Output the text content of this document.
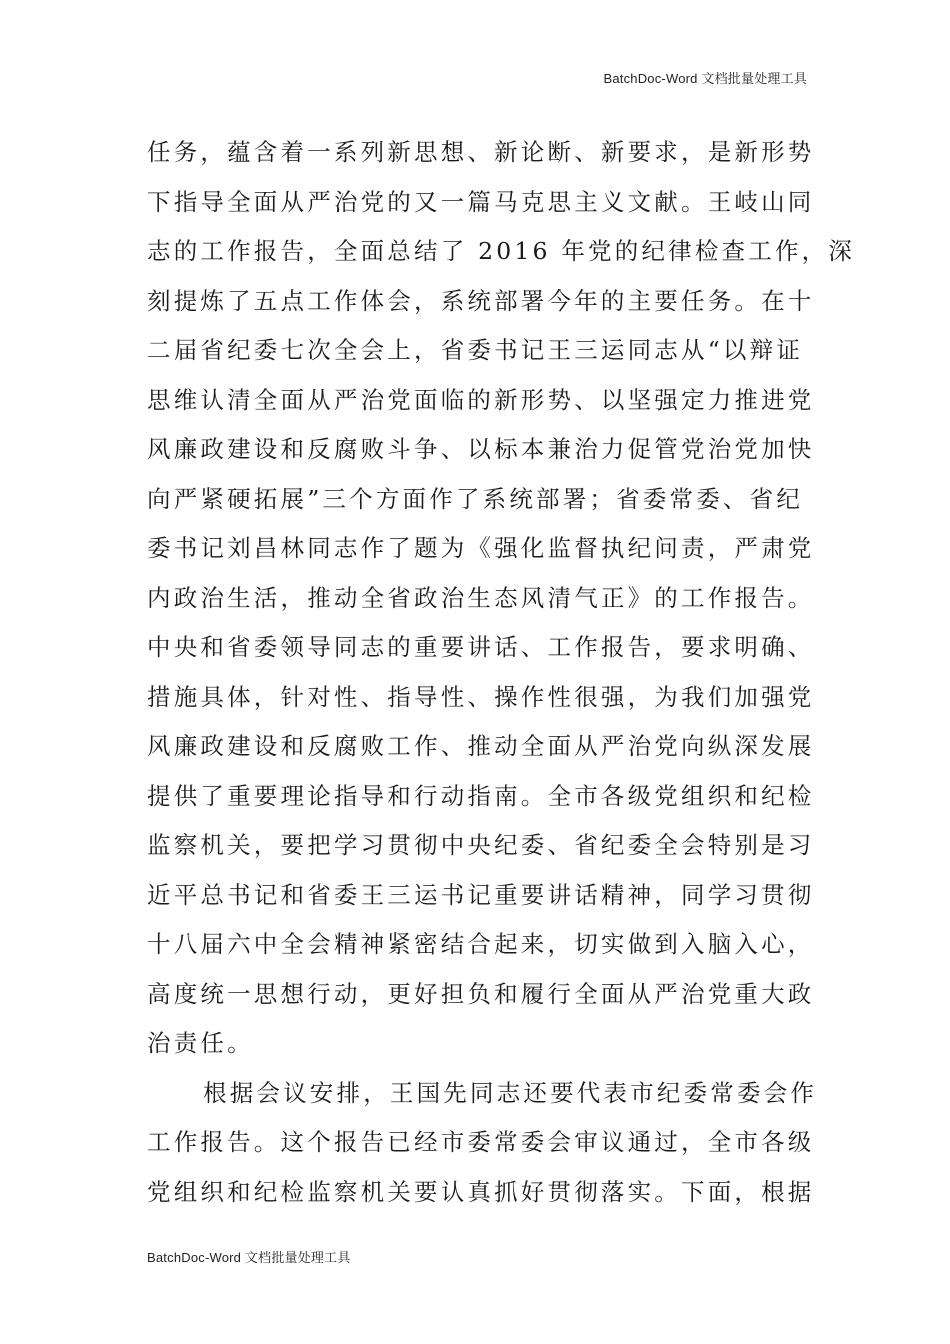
BatchDoc-Word 文档批量处理工具
任务，蕴含着一系列新思想、新论断、新要求，是新形势
下指导全面从严治党的又一篇马克思主义文献。王岐山同
志的工作报告，全面总结了 2016 年党的纪律检查工作，深
刻提炼了五点工作体会，系统部署今年的主要任务。在十
二届省纪委七次全会上，省委书记王三运同志从“以辩证
思维认清全面从严治党面临的新形势、以坚强定力推进党
风廉政建设和反腐败斗争、以标本兼治力促管党治党加快
向严紧硬拓展”三个方面作了系统部署；省委常委、省纪
委书记刘昌林同志作了题为《强化监督执纪问责，严肃党
内政治生活，推动全省政治生态风清气正》的工作报告。
中央和省委领导同志的重要讲话、工作报告，要求明确、
措施具体，针对性、指导性、操作性很强，为我们加强党
风廉政建设和反腐败工作、推动全面从严治党向纵深发展
提供了重要理论指导和行动指南。全市各级党组织和纪检
监察机关，要把学习贯彻中央纪委、省纪委全会特别是习
近平总书记和省委王三运书记重要讲话精神，同学习贯彻
十八届六中全会精神紧密结合起来，切实做到入脑入心，
高度统一思想行动，更好担负和履行全面从严治党重大政
治责任。
根据会议安排，王国先同志还要代表市纪委常委会作
工作报告。这个报告已经市委常委会审议通过，全市各级
党组织和纪检监察机关要认真抓好贯彻落实。下面，根据
BatchDoc-Word 文档批量处理工具
